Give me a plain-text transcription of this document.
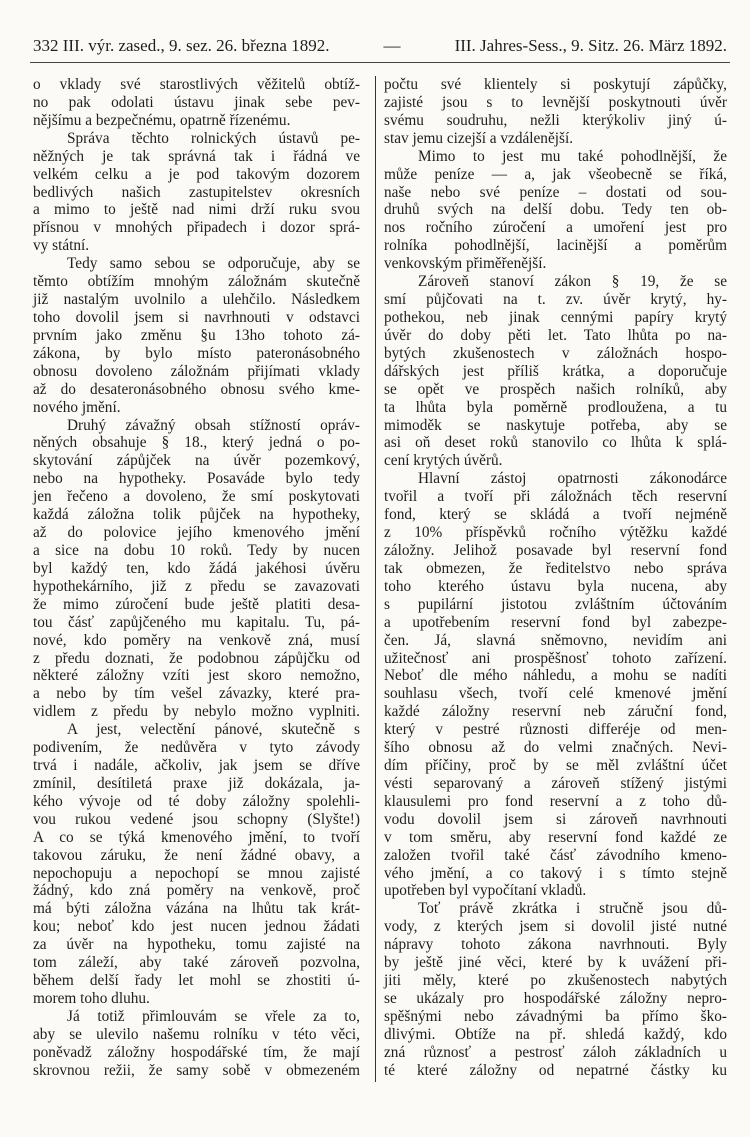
332 III. výr. zased., 9. sez. 26. března 1892.	—	III. Jahres-Sess., 9. Sitz. 26. März 1892.
o vklady své starostlivých věžitelů obtíž-
no pak odolati ústavu jinak sebe pev-
nějšímu a bezpečnému, opatrně řízenému.
Správa těchto rolnických ústavů pe-
něžných je tak správná tak i řádná ve
velkém celku a je pod takovým dozorem
bedlivých našich zastupitelstev okresních
a mimo to ještě nad nimi drží ruku svou
přísnou v mnohých připadech i dozor sprá-
vy státní.
Tedy samo sebou se odporučuje, aby se
těmto obtížím mnohým záložnám skutečně
již nastalým uvolnilo a ulehčilo. Následkem
toho dovolil jsem si navrhnouti v odstavci
prvním jako změnu §u 13ho tohoto zá-
zákona, by bylo místo pateronásobného
obnosu dovoleno záložnám přijímati vklady
až do desateronásobného obnosu svého kme-
nového jmění.
Druhý závažný obsah stížností opráv-
něných obsahuje § 18., který jedná o po-
skytování zápůjček na úvěr pozemkový,
nebo na hypotheky. Posaváde bylo tedy
jen řečeno a dovoleno, že smí poskytovati
každá záložna tolik půjček na hypotheky,
až do polovice jejího kmenového jmění
a sice na dobu 10 roků. Tedy by nucen
byl každý ten, kdo žádá jakéhosi úvěru
hypothekárního, již z předu se zavazovati
že mimo zúročení bude ještě platiti desa-
tou čásť zapůjčeného mu kapitalu. Tu, pá-
nové, kdo poměry na venkově zná, musí
z předu doznati, že podobnou zápůjčku od
některé záložny vzíti jest skoro nemožno,
a nebo by tím vešel závazky, které pra-
vidlem z předu by nebylo možno vyplniti.
A jest, velectění pánové, skutečně s
podivením, že nedůvěra v tyto závody
trvá i nadále, ačkoliv, jak jsem se dříve
zmínil, desítiletá praxe již dokázala, ja-
kého vývoje od té doby záložny spolehli-
vou rukou vedené jsou schopny (Slyšte!)
A co se týká kmenového jmění, to tvoří
takovou záruku, že není žádné obavy, a
nepochopuju a nepochopí se mnou zajisté
žádný, kdo zná poměry na venkově, proč
má býti záložna vázána na lhůtu tak krát-
kou; neboť kdo jest nucen jednou žádati
za úvěr na hypotheku, tomu zajisté na
tom záleží, aby také zároveň pozvolna,
během delší řady let mohl se zhostiti ú-
morem toho dluhu.
Já totiž přimlouvám se vřele za to,
aby se ulevilo našemu rolníku v této věci,
poněvadž záložny hospodářské tím, že mají
skrovnou režii, že samy sobě v obmezeném
počtu své klientely si poskytují zápůčky,
zajisté jsou s to levnější poskytnouti úvěr
svému soudruhu, nežli kterýkoliv jiný ú-
stav jemu cizejší a vzdálenější.
Mimo to jest mu také pohodlnější, že
může peníze — a, jak všeobecně se říká,
naše nebo své peníze – dostati od sou-
druhů svých na delší dobu. Tedy ten ob-
nos ročního zúročení a umoření jest pro
rolníka pohodlnější, lacinější a poměrům
venkovským přiměřenější.
Zároveň stanoví zákon § 19, že se
smí půjčovati na t. zv. úvěr krytý, hy-
pothekou, neb jinak cennými papíry krytý
úvěr do doby pěti let. Tato lhůta po na-
bytých zkušenostech v záložnách hospo-
dářských jest příliš krátka, a doporučuje
se opět ve prospěch našich rolníků, aby
ta lhůta byla poměrně prodloužena, a tu
mimoděk se naskytuje potřeba, aby se
asi oň deset roků stanovilo co lhůta k splá-
cení krytých úvěrů.
Hlavní zástoj opatrnosti zákonodárce
tvořil a tvoří při záložnách těch reservní
fond, který se skládá a tvoří nejméně
z 10% příspěvků ročního výtěžku každé
záložny. Jelihož posavade byl reservní fond
tak obmezen, že ředitelstvo nebo správa
toho kterého ústavu byla nucena, aby
s pupilární jistotou zvláštním účtováním
a upotřebením reservní fond byl zabezpe-
čen. Já, slavná sněmovno, nevidím ani
užitečnosť ani prospěšnosť tohoto zařízení.
Neboť dle mého náhledu, a mohu se nadíti
souhlasu všech, tvoří celé kmenové jmění
každé záložny reservní neb záruční fond,
který v pestré různosti differéje od men-
šího obnosu až do velmi značných. Nevi-
dím příčiny, proč by se měl zvláštní účet
vésti separovaný a zároveň stížený jistými
klausulemi pro fond reservní a z toho dů-
vodu dovolil jsem si zároveň navrhnouti
v tom směru, aby reservní fond každé ze
založen tvořil také čásť závodního kmeno-
vého jmění, a co takový i s tímto stejně
upotřeben byl vypočítaní vkladů.
Toť právě zkrátka i stručně jsou dů-
vody, z kterých jsem si dovolil jisté nutné
nápravy tohoto zákona navrhnouti. Byly
by ještě jiné věci, které by k uvážení při-
jiti měly, které po zkušenostech nabytých
se ukázaly pro hospodářské záložny nepro-
spěšnými nebo závadnými ba přímo ško-
dlivými. Obtíže na př. shledá každý, kdo
zná různosť a pestrosť záloh základních u
té které záložny od nepatrné částky ku
